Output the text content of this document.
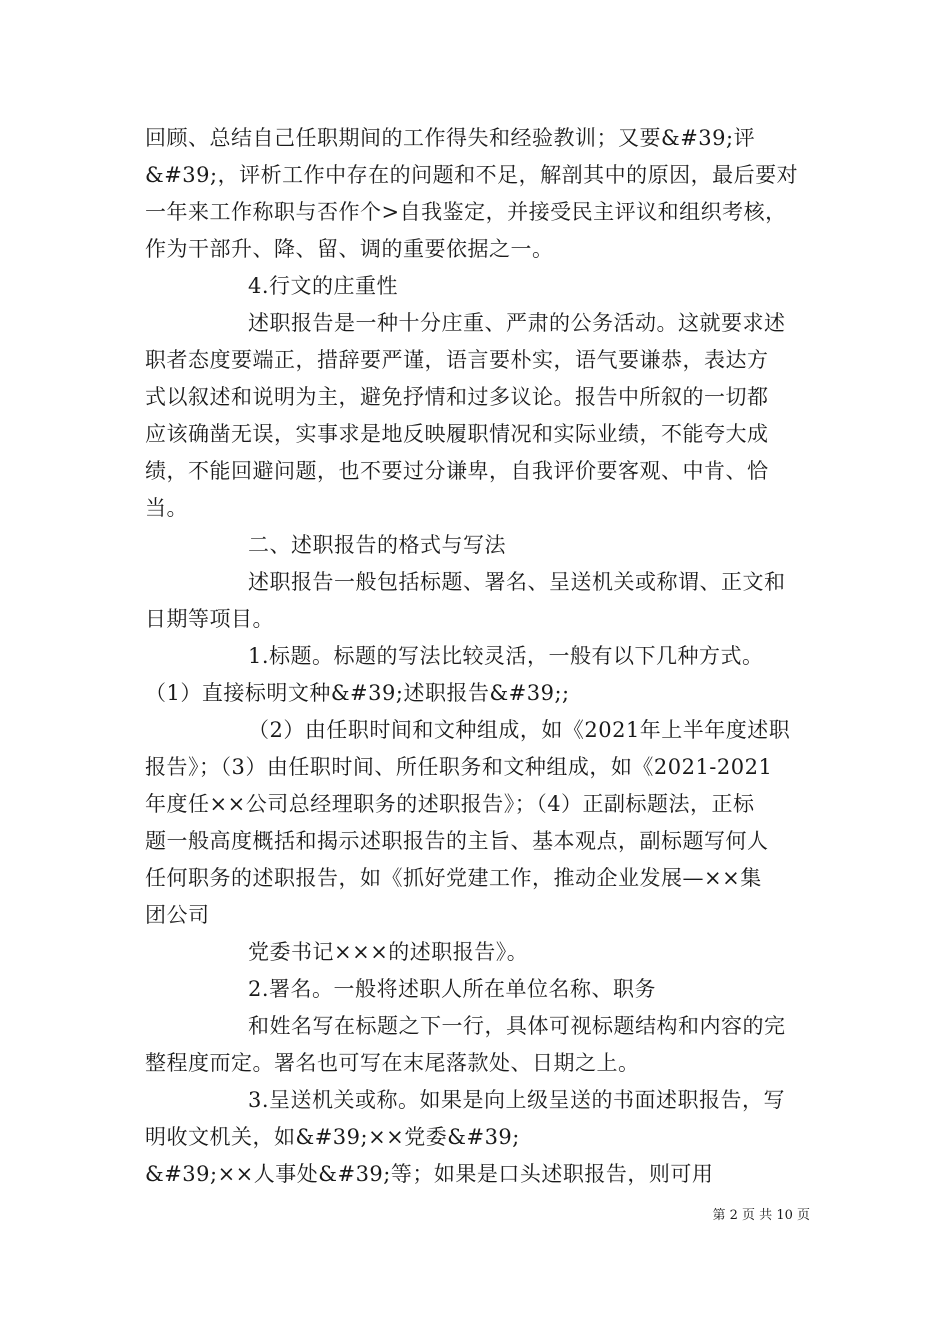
回顾、总结自己任职期间的工作得失和经验教训；又要&#39;评
&#39;，评析工作中存在的问题和不足，解剖其中的原因，最后要对
一年来工作称职与否作个>自我鉴定，并接受民主评议和组织考核，
作为干部升、降、留、调的重要依据之一。
4.行文的庄重性
述职报告是一种十分庄重、严肃的公务活动。这就要求述
职者态度要端正，措辞要严谨，语言要朴实，语气要谦恭，表达方
式以叙述和说明为主，避免抒情和过多议论。报告中所叙的一切都
应该确凿无误，实事求是地反映履职情况和实际业绩，不能夸大成
绩，不能回避问题，也不要过分谦卑，自我评价要客观、中肯、恰
当。
二、述职报告的格式与写法
述职报告一般包括标题、署名、呈送机关或称谓、正文和
日期等项目。
1.标题。标题的写法比较灵活，一般有以下几种方式。
（1）直接标明文种&#39;述职报告&#39;;
（2）由任职时间和文种组成，如《2021年上半年度述职
报告》；（3）由任职时间、所任职务和文种组成，如《2021-2021
年度任××公司总经理职务的述职报告》；（4）正副标题法，正标
题一般高度概括和揭示述职报告的主旨、基本观点，副标题写何人
任何职务的述职报告，如《抓好党建工作，推动企业发展—××集
团公司
党委书记×××的述职报告》。
2.署名。一般将述职人所在单位名称、职务
和姓名写在标题之下一行，具体可视标题结构和内容的完
整程度而定。署名也可写在末尾落款处、日期之上。
3.呈送机关或称。如果是向上级呈送的书面述职报告，写
明收文机关，如&#39;××党委&#39;
&#39;××人事处&#39;等；如果是口头述职报告，则可用
第 2 页 共 10 页
